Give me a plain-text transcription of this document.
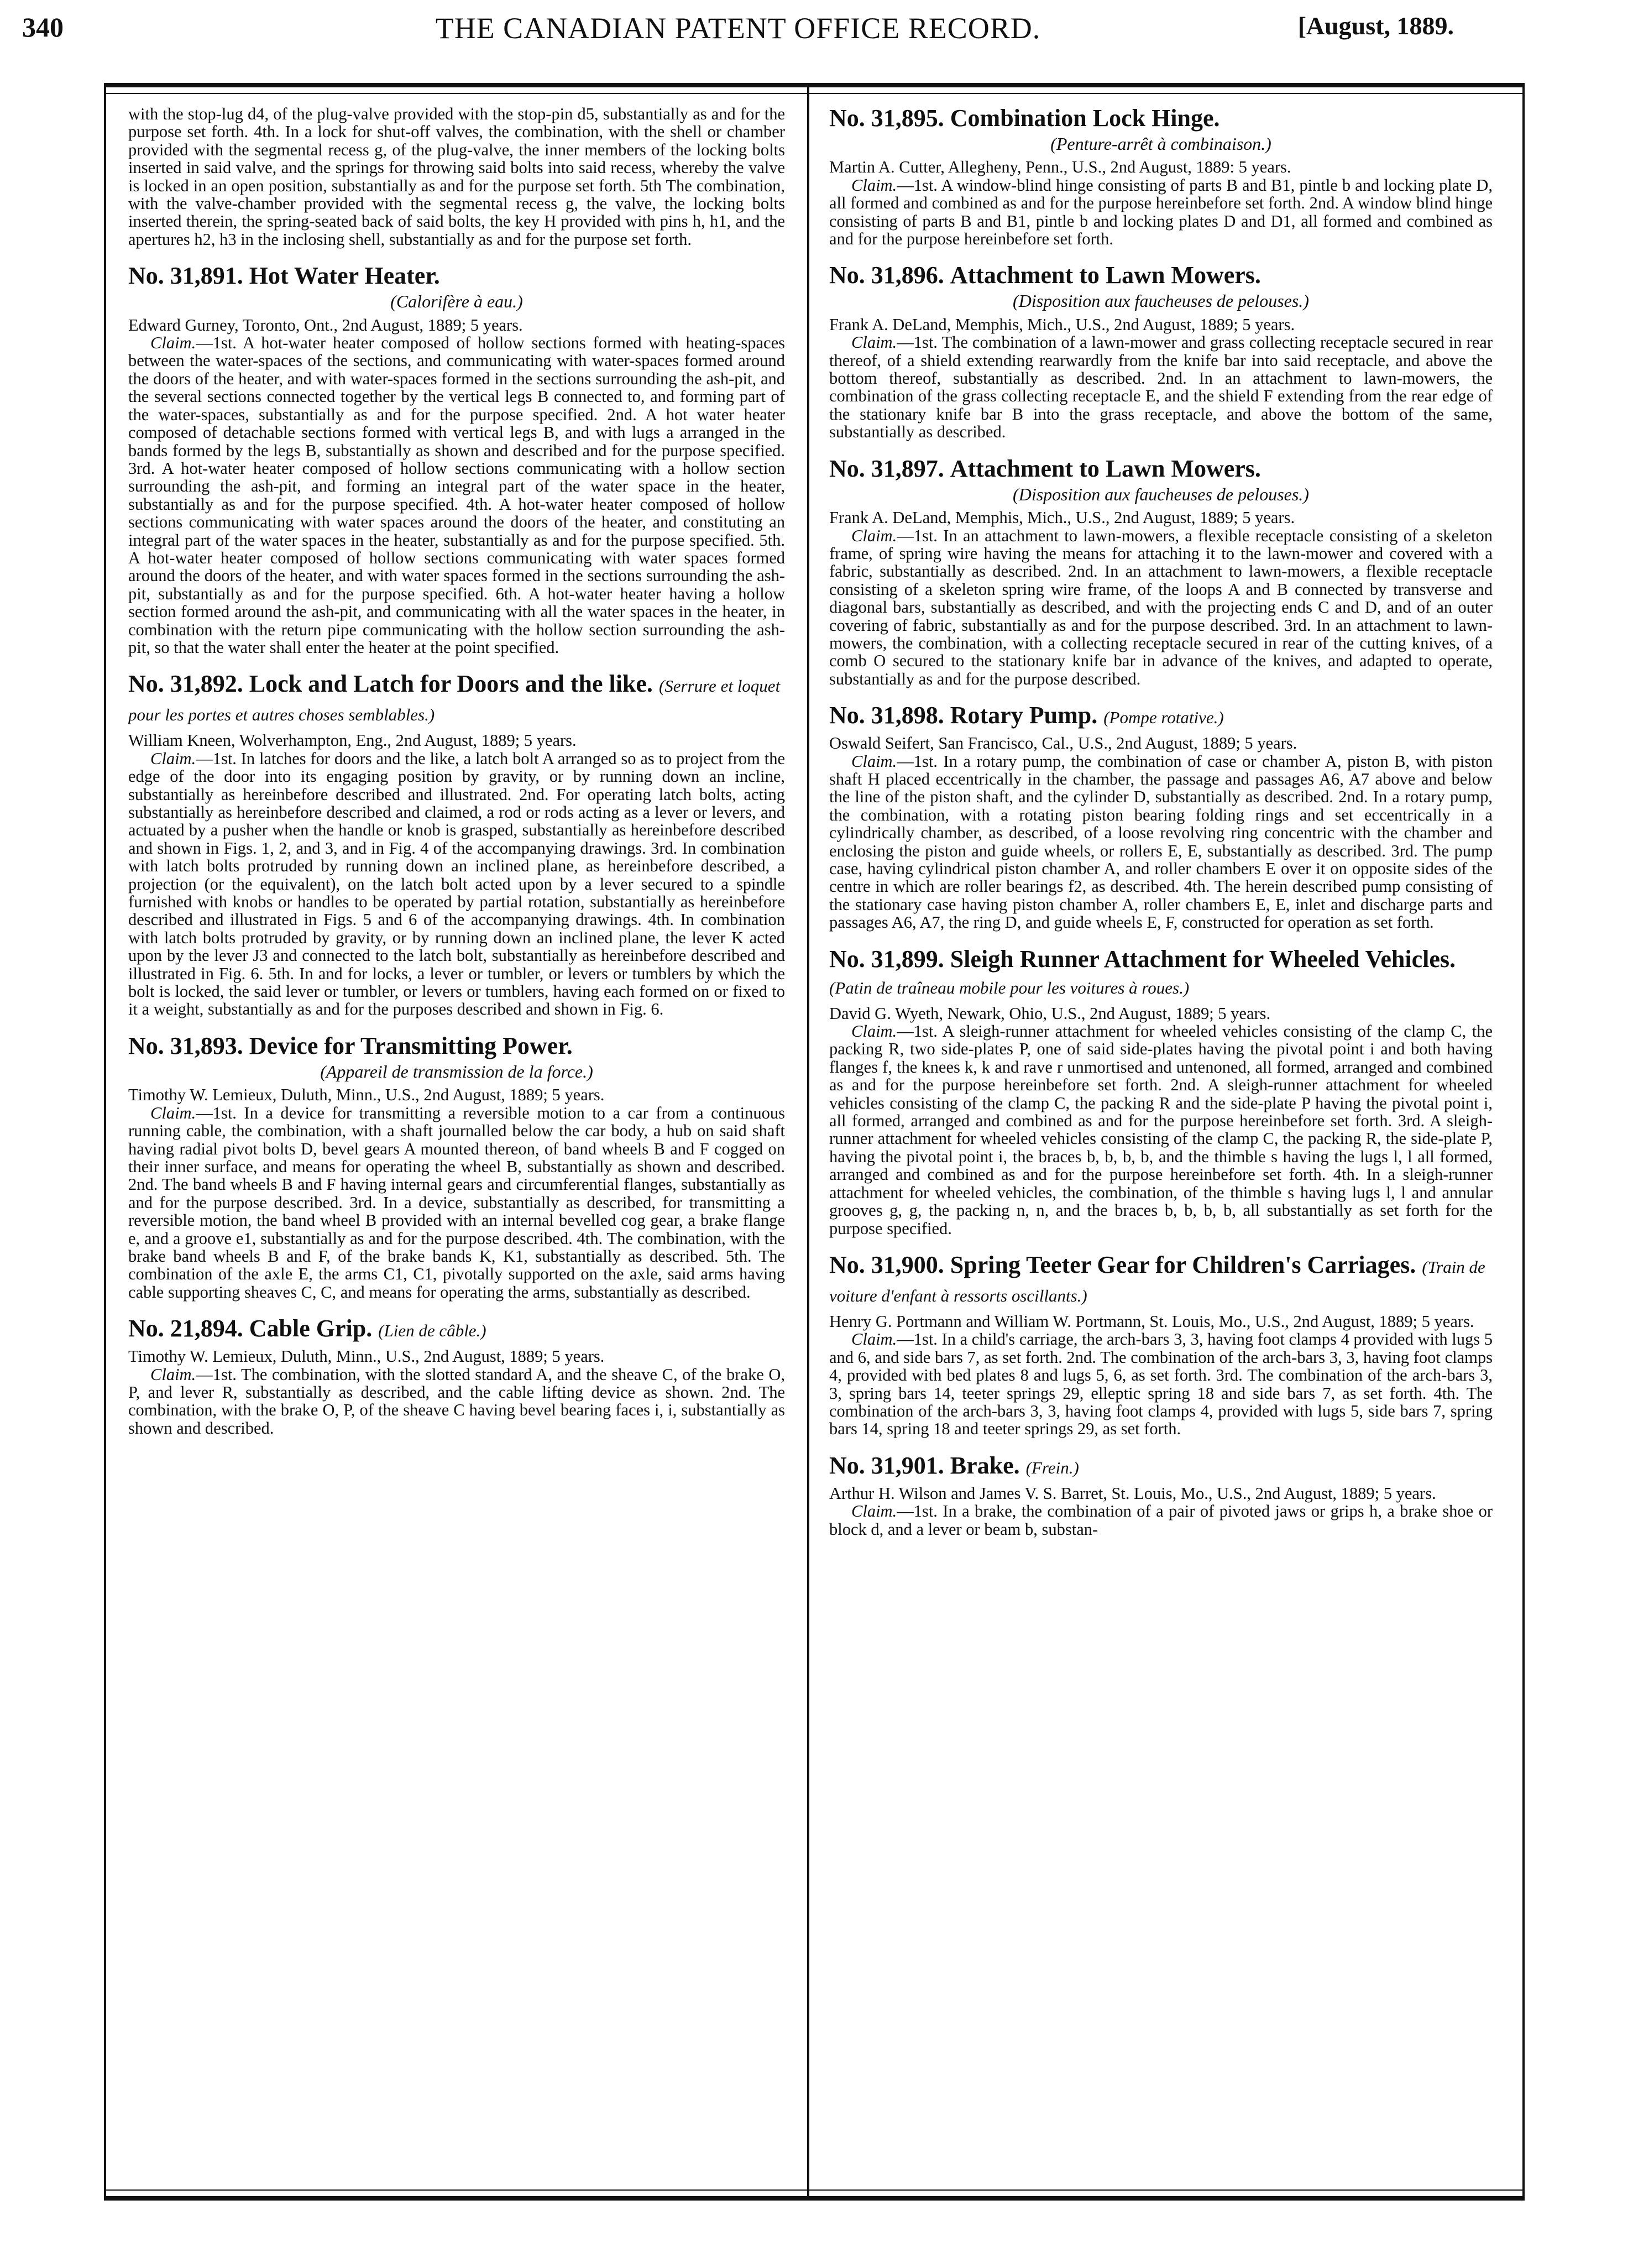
340	THE CANADIAN PATENT OFFICE RECORD.	[August, 1889.

with the stop-lug d4, of the plug-valve provided with the stop-pin d5, substantially as and for the purpose set forth. 4th. In a lock for shut-off valves, the combination, with the shell or chamber provided with the segmental recess g, of the plug-valve, the inner members of the locking bolts inserted in said valve, and the springs for throwing said bolts into said recess, whereby the valve is locked in an open position, substantially as and for the purpose set forth. 5th The combination, with the valve-chamber provided with the segmental recess g, the valve, the locking bolts inserted therein, the spring-seated back of said bolts, the key H provided with pins h, h1, and the apertures h2, h3 in the inclosing shell, substantially as and for the purpose set forth.

No. 31,891. Hot Water Heater.
(Calorifère à eau.)

Edward Gurney, Toronto, Ont., 2nd August, 1889; 5 years.

Claim.—1st. A hot-water heater composed of hollow sections formed with heating-spaces between the water-spaces of the sections, and communicating with water-spaces formed around the doors of the heater, and with water-spaces formed in the sections surrounding the ash-pit, and the several sections connected together by the vertical legs B connected to, and forming part of the water-spaces, substantially as and for the purpose specified. 2nd. A hot water heater composed of detachable sections formed with vertical legs B, and with lugs a arranged in the bands formed by the legs B, substantially as shown and described and for the purpose specified. 3rd. A hot-water heater composed of hollow sections communicating with a hollow section surrounding the ash-pit, and forming an integral part of the water space in the heater, substantially as and for the purpose specified. 4th. A hot-water heater composed of hollow sections communicating with water spaces around the doors of the heater, and constituting an integral part of the water spaces in the heater, substantially as and for the purpose specified. 5th. A hot-water heater composed of hollow sections communicating with water spaces formed around the doors of the heater, and with water spaces formed in the sections surrounding the ash-pit, substantially as and for the purpose specified. 6th. A hot-water heater having a hollow section formed around the ash-pit, and communicating with all the water spaces in the heater, in combination with the return pipe communicating with the hollow section surrounding the ash-pit, so that the water shall enter the heater at the point specified.

No. 31,892. Lock and Latch for Doors and the like. (Serrure et loquet pour les portes et autres choses semblables.)

William Kneen, Wolverhampton, Eng., 2nd August, 1889; 5 years.

Claim.—1st. In latches for doors and the like, a latch bolt A arranged so as to project from the edge of the door into its engaging position by gravity, or by running down an incline, substantially as hereinbefore described and illustrated. 2nd. For operating latch bolts, acting substantially as hereinbefore described and claimed, a rod or rods acting as a lever or levers, and actuated by a pusher when the handle or knob is grasped, substantially as hereinbefore described and shown in Figs. 1, 2, and 3, and in Fig. 4 of the accompanying drawings. 3rd. In combination with latch bolts protruded by running down an inclined plane, as hereinbefore described, a projection (or the equivalent), on the latch bolt acted upon by a lever secured to a spindle furnished with knobs or handles to be operated by partial rotation, substantially as hereinbefore described and illustrated in Figs. 5 and 6 of the accompanying drawings. 4th. In combination with latch bolts protruded by gravity, or by running down an inclined plane, the lever K acted upon by the lever J3 and connected to the latch bolt, substantially as hereinbefore described and illustrated in Fig. 6. 5th. In and for locks, a lever or tumbler, or levers or tumblers by which the bolt is locked, the said lever or tumbler, or levers or tumblers, having each formed on or fixed to it a weight, substantially as and for the purposes described and shown in Fig. 6.

No. 31,893. Device for Transmitting Power.
(Appareil de transmission de la force.)

Timothy W. Lemieux, Duluth, Minn., U.S., 2nd August, 1889; 5 years.

Claim.—1st. In a device for transmitting a reversible motion to a car from a continuous running cable, the combination, with a shaft journalled below the car body, a hub on said shaft having radial pivot bolts D, bevel gears A mounted thereon, of band wheels B and F cogged on their inner surface, and means for operating the wheel B, substantially as shown and described. 2nd. The band wheels B and F having internal gears and circumferential flanges, substantially as and for the purpose described. 3rd. In a device, substantially as described, for transmitting a reversible motion, the band wheel B provided with an internal bevelled cog gear, a brake flange e, and a groove e1, substantially as and for the purpose described. 4th. The combination, with the brake band wheels B and F, of the brake bands K, K1, substantially as described. 5th. The combination of the axle E, the arms C1, C1, pivotally supported on the axle, said arms having cable supporting sheaves C, C, and means for operating the arms, substantially as described.

No. 21,894. Cable Grip. (Lien de câble.)

Timothy W. Lemieux, Duluth, Minn., U.S., 2nd August, 1889; 5 years.

Claim.—1st. The combination, with the slotted standard A, and the sheave C, of the brake O, P, and lever R, substantially as described, and the cable lifting device as shown. 2nd. The combination, with the brake O, P, of the sheave C having bevel bearing faces i, i, substantially as shown and described.

No. 31,895. Combination Lock Hinge.
(Penture-arrêt à combinaison.)

Martin A. Cutter, Allegheny, Penn., U.S., 2nd August, 1889: 5 years.

Claim.—1st. A window-blind hinge consisting of parts B and B1, pintle b and locking plate D, all formed and combined as and for the purpose hereinbefore set forth. 2nd. A window blind hinge consisting of parts B and B1, pintle b and locking plates D and D1, all formed and combined as and for the purpose hereinbefore set forth.

No. 31,896. Attachment to Lawn Mowers.
(Disposition aux faucheuses de pelouses.)

Frank A. DeLand, Memphis, Mich., U.S., 2nd August, 1889; 5 years.

Claim.—1st. The combination of a lawn-mower and grass collecting receptacle secured in rear thereof, of a shield extending rearwardly from the knife bar into said receptacle, and above the bottom thereof, substantially as described. 2nd. In an attachment to lawn-mowers, the combination of the grass collecting receptacle E, and the shield F extending from the rear edge of the stationary knife bar B into the grass receptacle, and above the bottom of the same, substantially as described.

No. 31,897. Attachment to Lawn Mowers.
(Disposition aux faucheuses de pelouses.)

Frank A. DeLand, Memphis, Mich., U.S., 2nd August, 1889; 5 years.

Claim.—1st. In an attachment to lawn-mowers, a flexible receptacle consisting of a skeleton frame, of spring wire having the means for attaching it to the lawn-mower and covered with a fabric, substantially as described. 2nd. In an attachment to lawn-mowers, a flexible receptacle consisting of a skeleton spring wire frame, of the loops A and B connected by transverse and diagonal bars, substantially as described, and with the projecting ends C and D, and of an outer covering of fabric, substantially as and for the purpose described. 3rd. In an attachment to lawn-mowers, the combination, with a collecting receptacle secured in rear of the cutting knives, of a comb O secured to the stationary knife bar in advance of the knives, and adapted to operate, substantially as and for the purpose described.

No. 31,898. Rotary Pump. (Pompe rotative.)

Oswald Seifert, San Francisco, Cal., U.S., 2nd August, 1889; 5 years.

Claim.—1st. In a rotary pump, the combination of case or chamber A, piston B, with piston shaft H placed eccentrically in the chamber, the passage and passages A6, A7 above and below the line of the piston shaft, and the cylinder D, substantially as described. 2nd. In a rotary pump, the combination, with a rotating piston bearing folding rings and set eccentrically in a cylindrically chamber, as described, of a loose revolving ring concentric with the chamber and enclosing the piston and guide wheels, or rollers E, E, substantially as described. 3rd. The pump case, having cylindrical piston chamber A, and roller chambers E over it on opposite sides of the centre in which are roller bearings f2, as described. 4th. The herein described pump consisting of the stationary case having piston chamber A, roller chambers E, E, inlet and discharge parts and passages A6, A7, the ring D, and guide wheels E, F, constructed for operation as set forth.

No. 31,899. Sleigh Runner Attachment for Wheeled Vehicles. (Patin de traîneau mobile pour les voitures à roues.)

David G. Wyeth, Newark, Ohio, U.S., 2nd August, 1889; 5 years.

Claim.—1st. A sleigh-runner attachment for wheeled vehicles consisting of the clamp C, the packing R, two side-plates P, one of said side-plates having the pivotal point i and both having flanges f, the knees k, k and rave r unmortised and untenoned, all formed, arranged and combined as and for the purpose hereinbefore set forth. 2nd. A sleigh-runner attachment for wheeled vehicles consisting of the clamp C, the packing R and the side-plate P having the pivotal point i, all formed, arranged and combined as and for the purpose hereinbefore set forth. 3rd. A sleigh-runner attachment for wheeled vehicles consisting of the clamp C, the packing R, the side-plate P, having the pivotal point i, the braces b, b, b, b, and the thimble s having the lugs l, l all formed, arranged and combined as and for the purpose hereinbefore set forth. 4th. In a sleigh-runner attachment for wheeled vehicles, the combination, of the thimble s having lugs l, l and annular grooves g, g, the packing n, n, and the braces b, b, b, b, all substantially as set forth for the purpose specified.

No. 31,900. Spring Teeter Gear for Children's Carriages. (Train de voiture d'enfant à ressorts oscillants.)

Henry G. Portmann and William W. Portmann, St. Louis, Mo., U.S., 2nd August, 1889; 5 years.

Claim.—1st. In a child's carriage, the arch-bars 3, 3, having foot clamps 4 provided with lugs 5 and 6, and side bars 7, as set forth. 2nd. The combination of the arch-bars 3, 3, having foot clamps 4, provided with bed plates 8 and lugs 5, 6, as set forth. 3rd. The combination of the arch-bars 3, 3, spring bars 14, teeter springs 29, elleptic spring 18 and side bars 7, as set forth. 4th. The combination of the arch-bars 3, 3, having foot clamps 4, provided with lugs 5, side bars 7, spring bars 14, spring 18 and teeter springs 29, as set forth.

No. 31,901. Brake. (Frein.)

Arthur H. Wilson and James V. S. Barret, St. Louis, Mo., U.S., 2nd August, 1889; 5 years.

Claim.—1st. In a brake, the combination of a pair of pivoted jaws or grips h, a brake shoe or block d, and a lever or beam b, substan-
